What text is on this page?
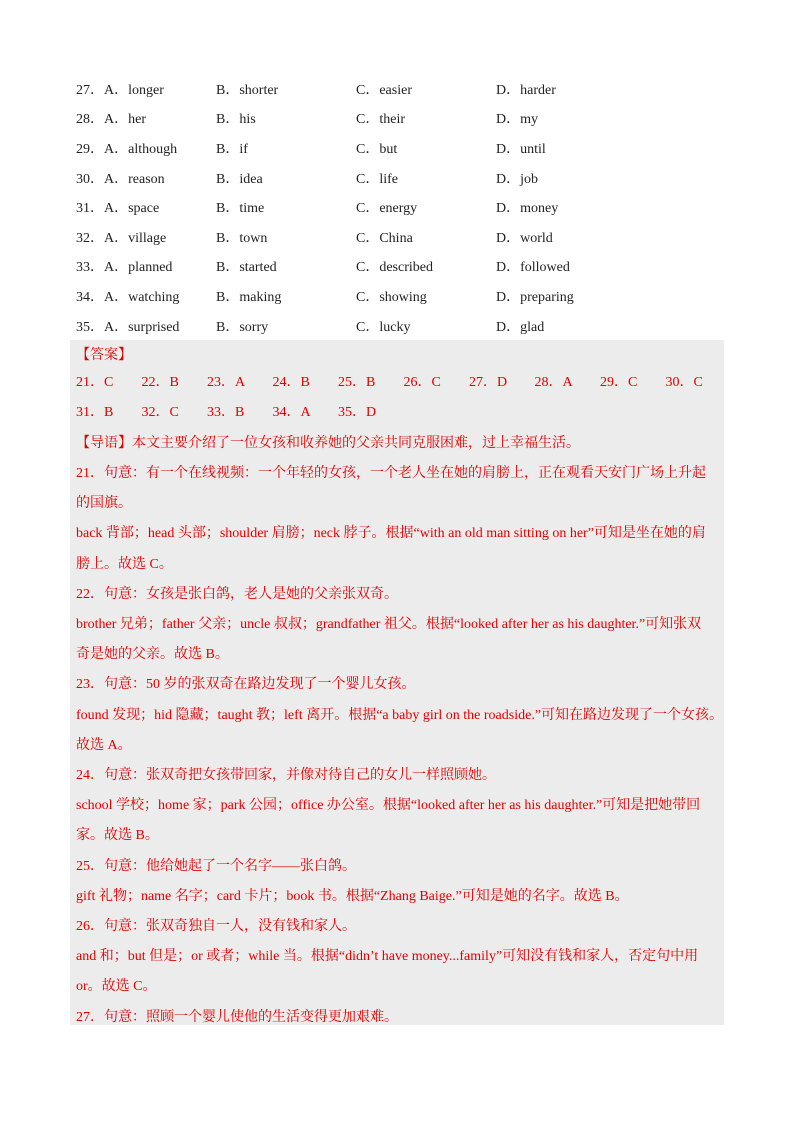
27．A．longer	B．shorter	C．easier	D．harder
28．A．her	B．his	C．their	D．my
29．A．although	B．if	C．but	D．until
30．A．reason	B．idea	C．life	D．job
31．A．space	B．time	C．energy	D．money
32．A．village	B．town	C．China	D．world
33．A．planned	B．started	C．described	D．followed
34．A．watching	B．making	C．showing	D．preparing
35．A．surprised	B．sorry	C．lucky	D．glad
【答案】
21．C	22．B	23．A	24．B	25．B	26．C	27．D	28．A	29．C	30．C
31．B	32．C	33．B	34．A	35．D
【导语】本文主要介绍了一位女孩和收养她的父亲共同克服困难，过上幸福生活。
21．句意：有一个在线视频：一个年轻的女孩，一个老人坐在她的肩膀上，正在观看天安门广场上升起
的国旗。
back 背部；head 头部；shoulder 肩膀；neck 脖子。根据“with an old man sitting on her”可知是坐在她的肩
膀上。故选 C。
22．句意：女孩是张白鸽，老人是她的父亲张双奇。
brother 兄弟；father 父亲；uncle 叔叔；grandfather 祖父。根据“looked after her as his daughter.”可知张双
奇是她的父亲。故选 B。
23．句意：50 岁的张双奇在路边发现了一个婴儿女孩。
found 发现；hid 隐藏；taught 教；left 离开。根据“a baby girl on the roadside.”可知在路边发现了一个女孩。
故选 A。
24．句意：张双奇把女孩带回家，并像对待自己的女儿一样照顾她。
school 学校；home 家；park 公园；office 办公室。根据“looked after her as his daughter.”可知是把她带回
家。故选 B。
25．句意：他给她起了一个名字——张白鸽。
gift 礼物；name 名字；card 卡片；book 书。根据“Zhang Baige.”可知是她的名字。故选 B。
26．句意：张双奇独自一人，没有钱和家人。
and 和；but 但是；or 或者；while 当。根据“didn’t have money...family”可知没有钱和家人，否定句中用
or。故选 C。
27．句意：照顾一个婴儿使他的生活变得更加艰难。
